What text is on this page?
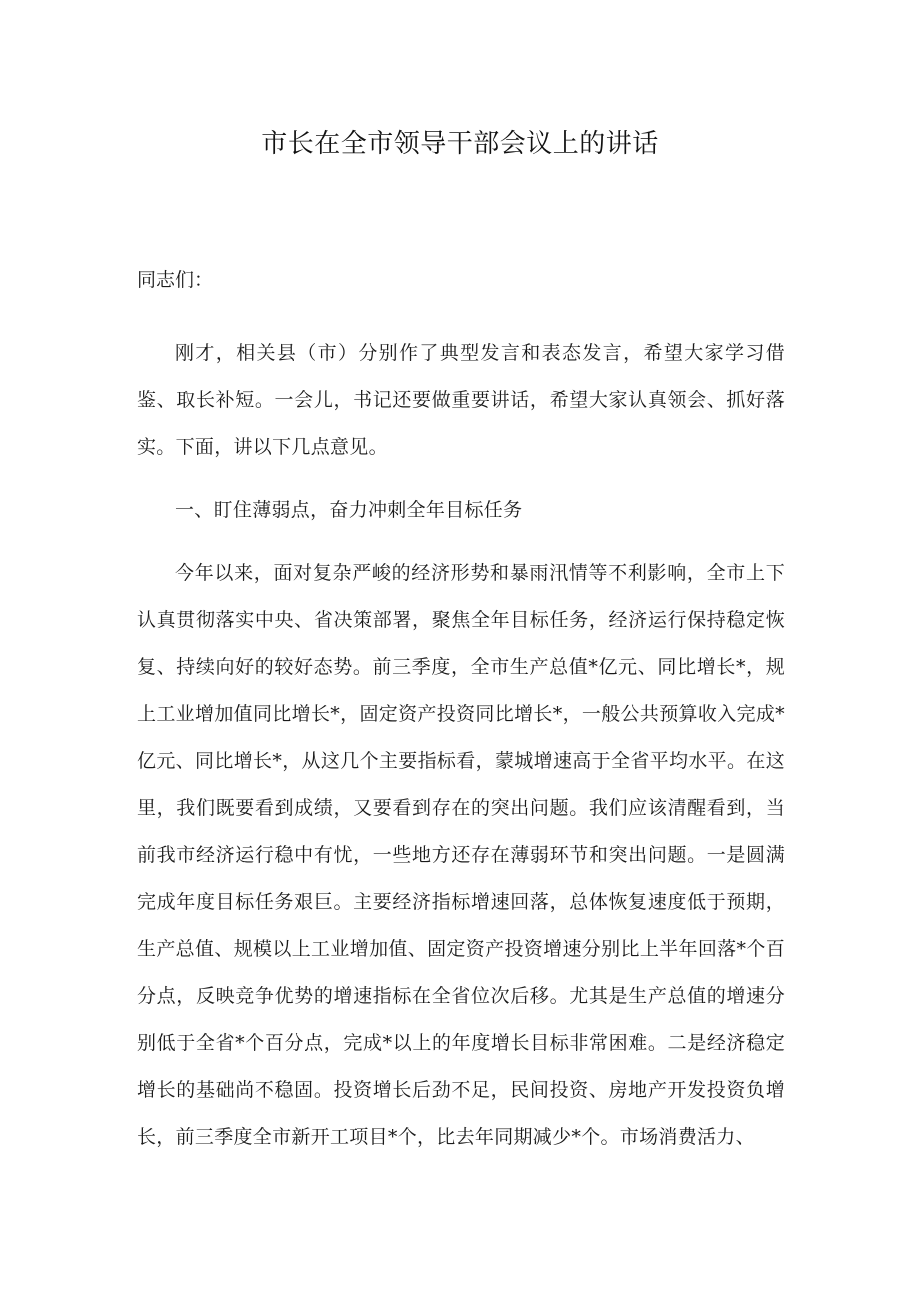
市长在全市领导干部会议上的讲话
同志们：

刚才，相关县（市）分别作了典型发言和表态发言，希望大家学习借鉴、取长补短。一会儿，书记还要做重要讲话，希望大家认真领会、抓好落实。下面，讲以下几点意见。

一、盯住薄弱点，奋力冲刺全年目标任务

今年以来，面对复杂严峻的经济形势和暴雨汛情等不利影响，全市上下认真贯彻落实中央、省决策部署，聚焦全年目标任务，经济运行保持稳定恢复、持续向好的较好态势。前三季度，全市生产总值*亿元、同比增长*，规上工业增加值同比增长*，固定资产投资同比增长*，一般公共预算收入完成*亿元、同比增长*，从这几个主要指标看，蒙城增速高于全省平均水平。在这里，我们既要看到成绩，又要看到存在的突出问题。我们应该清醒看到，当前我市经济运行稳中有忧，一些地方还存在薄弱环节和突出问题。一是圆满完成年度目标任务艰巨。主要经济指标增速回落，总体恢复速度低于预期，生产总值、规模以上工业增加值、固定资产投资增速分别比上半年回落*个百分点，反映竞争优势的增速指标在全省位次后移。尤其是生产总值的增速分别低于全省*个百分点，完成*以上的年度增长目标非常困难。二是经济稳定增长的基础尚不稳固。投资增长后劲不足，民间投资、房地产开发投资负增长，前三季度全市新开工项目*个，比去年同期减少*个。市场消费活力、
